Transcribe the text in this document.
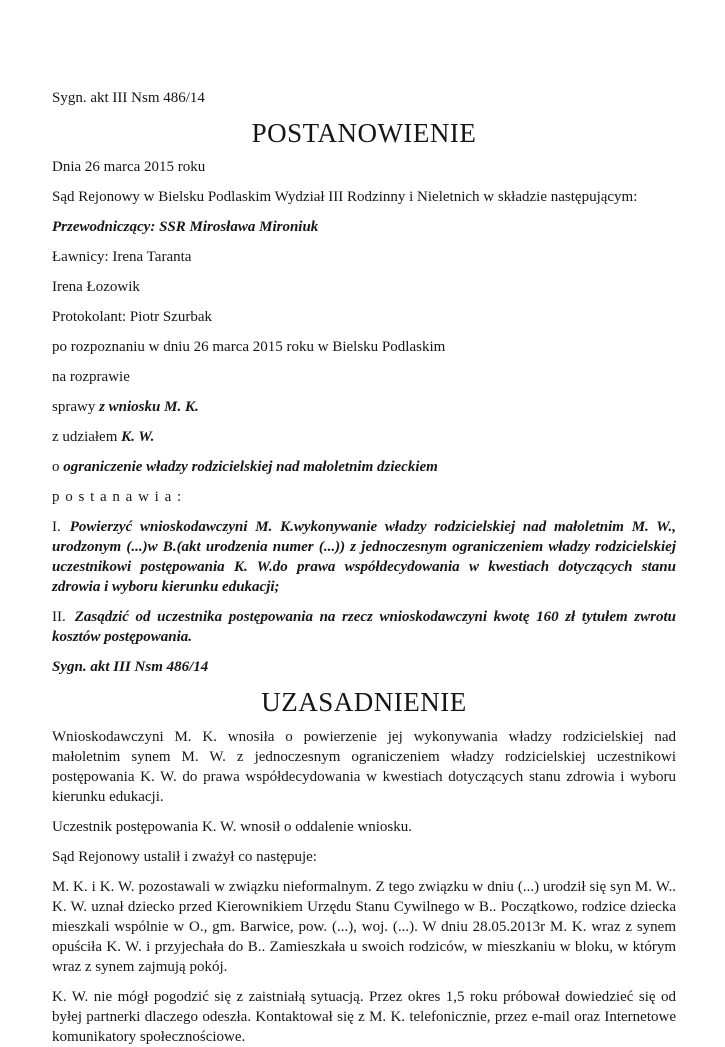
Sygn. akt III Nsm 486/14

POSTANOWIENIE

Dnia 26 marca 2015 roku

Sąd Rejonowy w Bielsku Podlaskim Wydział III Rodzinny i Nieletnich w składzie następującym:

Przewodniczący: SSR Mirosława Mironiuk

Ławnicy: Irena Taranta

Irena Łozowik

Protokolant: Piotr Szurbak

po rozpoznaniu w dniu 26 marca 2015 roku w Bielsku Podlaskim

na rozprawie

sprawy z wniosku M. K.

z udziałem K. W.

o ograniczenie władzy rodzicielskiej nad małoletnim dzieckiem

p o s t a n a w i a :

I. Powierzyć wnioskodawczyni M. K.wykonywanie władzy rodzicielskiej nad małoletnim M. W., urodzonym (...)w B.(akt urodzenia numer (...)) z jednoczesnym ograniczeniem władzy rodzicielskiej uczestnikowi postępowania K. W.do prawa współdecydowania w kwestiach dotyczących stanu zdrowia i wyboru kierunku edukacji;

II. Zasądzić od uczestnika postępowania na rzecz wnioskodawczyni kwotę 160 zł tytułem zwrotu kosztów postępowania.

Sygn. akt III Nsm 486/14

UZASADNIENIE

Wnioskodawczyni M. K. wnosiła o powierzenie jej wykonywania władzy rodzicielskiej nad małoletnim synem M. W. z jednoczesnym ograniczeniem władzy rodzicielskiej uczestnikowi postępowania K. W. do prawa współdecydowania w kwestiach dotyczących stanu zdrowia i wyboru kierunku edukacji.

Uczestnik postępowania K. W. wnosił o oddalenie wniosku.

Sąd Rejonowy ustalił i zważył co następuje:

M. K. i K. W. pozostawali w związku nieformalnym. Z tego związku w dniu (...) urodził się syn M. W.. K. W. uznał dziecko przed Kierownikiem Urzędu Stanu Cywilnego w B.. Początkowo, rodzice dziecka mieszkali wspólnie w O., gm. Barwice, pow. (...), woj. (...). W dniu 28.05.2013r M. K. wraz z synem opuściła K. W. i przyjechała do B.. Zamieszkała u swoich rodziców, w mieszkaniu w bloku, w którym wraz z synem zajmują pokój.

K. W. nie mógł pogodzić się z zaistniałą sytuacją. Przez okres 1,5 roku próbował dowiedzieć się od byłej partnerki dlaczego odeszła. Kontaktował się z M. K. telefonicznie, przez e-mail oraz Internetowe komunikatory społecznościowe.
